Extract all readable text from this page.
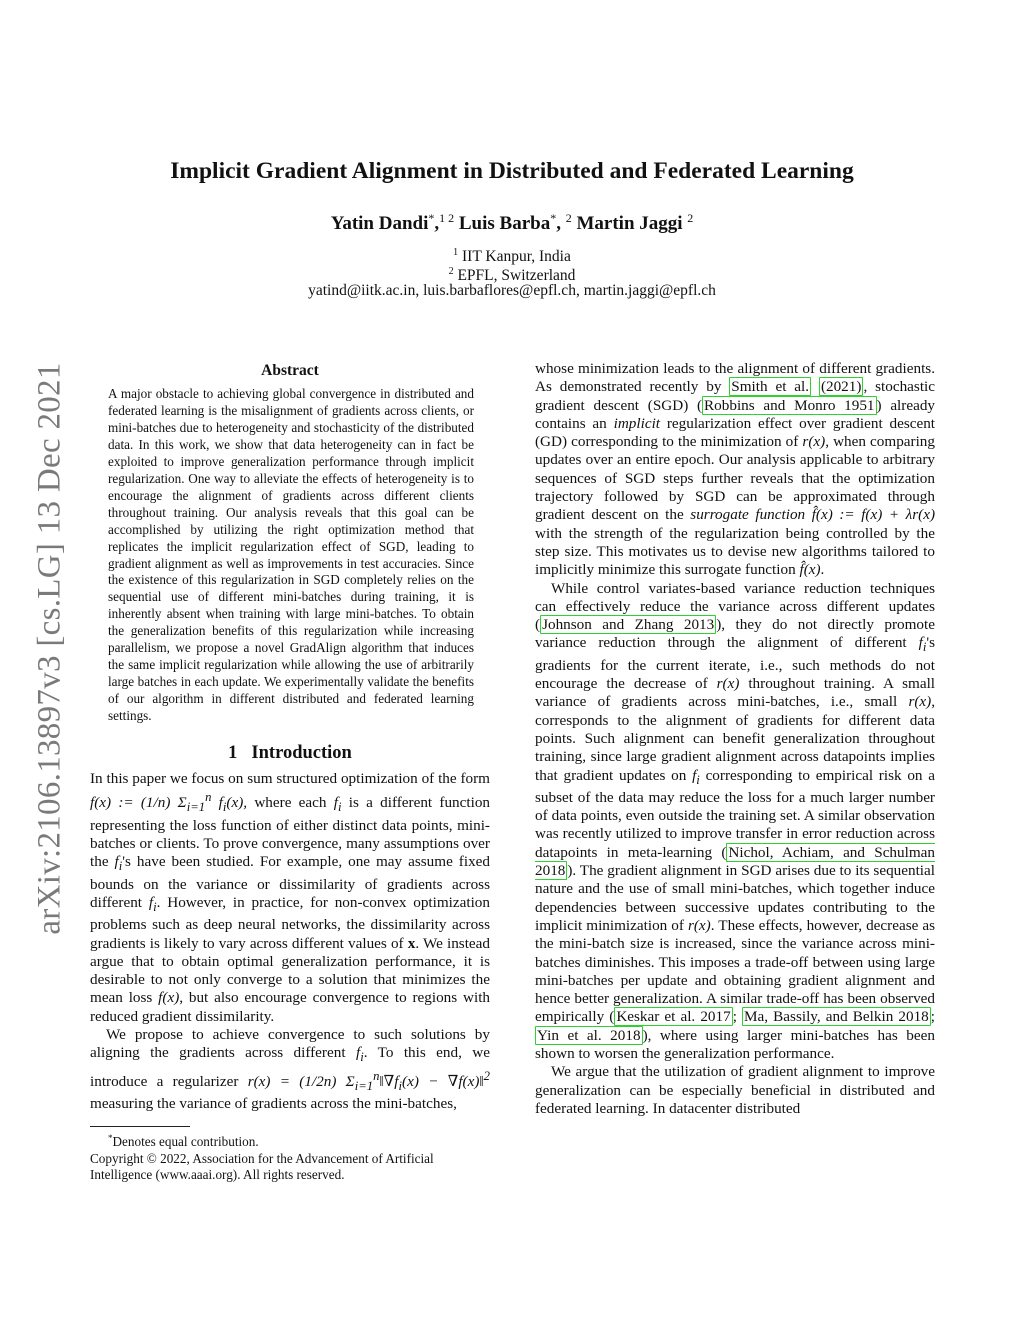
arXiv:2106.13897v3 [cs.LG] 13 Dec 2021
Implicit Gradient Alignment in Distributed and Federated Learning
Yatin Dandi*,$^{1 2}$ Luis Barba*, $^2$ Martin Jaggi $^2$
$^1$ IIT Kanpur, India
$^2$ EPFL, Switzerland
yatind@iitk.ac.in, luis.barbaflores@epfl.ch, martin.jaggi@epfl.ch
Abstract

A major obstacle to achieving global convergence in distributed and federated learning is the misalignment of gradients across clients, or mini-batches due to heterogeneity and stochasticity of the distributed data. In this work, we show that data heterogeneity can in fact be exploited to improve generalization performance through implicit regularization. One way to alleviate the effects of heterogeneity is to encourage the alignment of gradients across different clients throughout training. Our analysis reveals that this goal can be accomplished by utilizing the right optimization method that replicates the implicit regularization effect of SGD, leading to gradient alignment as well as improvements in test accuracies. Since the existence of this regularization in SGD completely relies on the sequential use of different mini-batches during training, it is inherently absent when training with large mini-batches. To obtain the generalization benefits of this regularization while increasing parallelism, we propose a novel GradAlign algorithm that induces the same implicit regularization while allowing the use of arbitrarily large batches in each update. We experimentally validate the benefits of our algorithm in different distributed and federated learning settings.

1 Introduction

In this paper we focus on sum structured optimization of the form f(x) := (1/n) $\Sigma_{i=1}^n$ $f_i(x)$, where each $f_i$ is a different function representing the loss function of either distinct data points, mini-batches or clients. To prove convergence, many assumptions over the $f_i's$ have been studied. For example, one may assume fixed bounds on the variance or dissimilarity of gradients across different $f_i$. However, in practice, for non-convex optimization problems such as deep neural networks, the dissimilarity across gradients is likely to vary across different values of x. We instead argue that to obtain optimal generalization performance, it is desirable to not only converge to a solution that minimizes the mean loss f(x), but also encourage convergence to regions with reduced gradient dissimilarity.

We propose to achieve convergence to such solutions by aligning the gradients across different $f_i$. To this end, we introduce a regularizer r(x) = (1/2n) $\Sigma_{i=1}^n‖\nabla f_i(x)$ − ∇f(x)‖$^2$ measuring the variance of gradients across the mini-batches,

*Denotes equal contribution.
Copyright © 2022, Association for the Advancement of Artificial Intelligence (www.aaai.org). All rights reserved.

whose minimization leads to the alignment of different gradients. As demonstrated recently by Smith et al. (2021) , stochastic gradient descent (SGD) ( Robbins and Monro 1951 ) already contains an implicit regularization effect over gradient descent (GD) corresponding to the minimization of r(x), when comparing updates over an entire epoch. Our analysis applicable to arbitrary sequences of SGD steps further reveals that the optimization trajectory followed by SGD can be approximated through gradient descent on the surrogate function f̂(x) := f(x) + λr(x) with the strength of the regularization being controlled by the step size. This motivates us to devise new algorithms tailored to implicitly minimize this surrogate function f̂(x).

While control variates-based variance reduction techniques can effectively reduce the variance across different updates ( Johnson and Zhang 2013 ), they do not directly promote variance reduction through the alignment of different $f_i's$ gradients for the current iterate, i.e., such methods do not encourage the decrease of r(x) throughout training. A small variance of gradients across mini-batches, i.e., small r(x), corresponds to the alignment of gradients for different data points. Such alignment can benefit generalization throughout training, since large gradient alignment across datapoints implies that gradient updates on $f_i$ corresponding to empirical risk on a subset of the data may reduce the loss for a much larger number of data points, even outside the training set. A similar observation was recently utilized to improve transfer in error reduction across datapoints in meta-learning ( Nichol, Achiam, and Schulman 2018 ). The gradient alignment in SGD arises due to its sequential nature and the use of small mini-batches, which together induce dependencies between successive updates contributing to the implicit minimization of r(x). These effects, however, decrease as the mini-batch size is increased, since the variance across mini-batches diminishes. This imposes a trade-off between using large mini-batches per update and obtaining gradient alignment and hence better generalization. A similar trade-off has been observed empirically ( Keskar et al. 2017 ; Ma, Bassily, and Belkin 2018 ; Yin et al. 2018 ), where using larger mini-batches has been shown to worsen the generalization performance.

We argue that the utilization of gradient alignment to improve generalization can be especially beneficial in distributed and federated learning. In datacenter distributed
